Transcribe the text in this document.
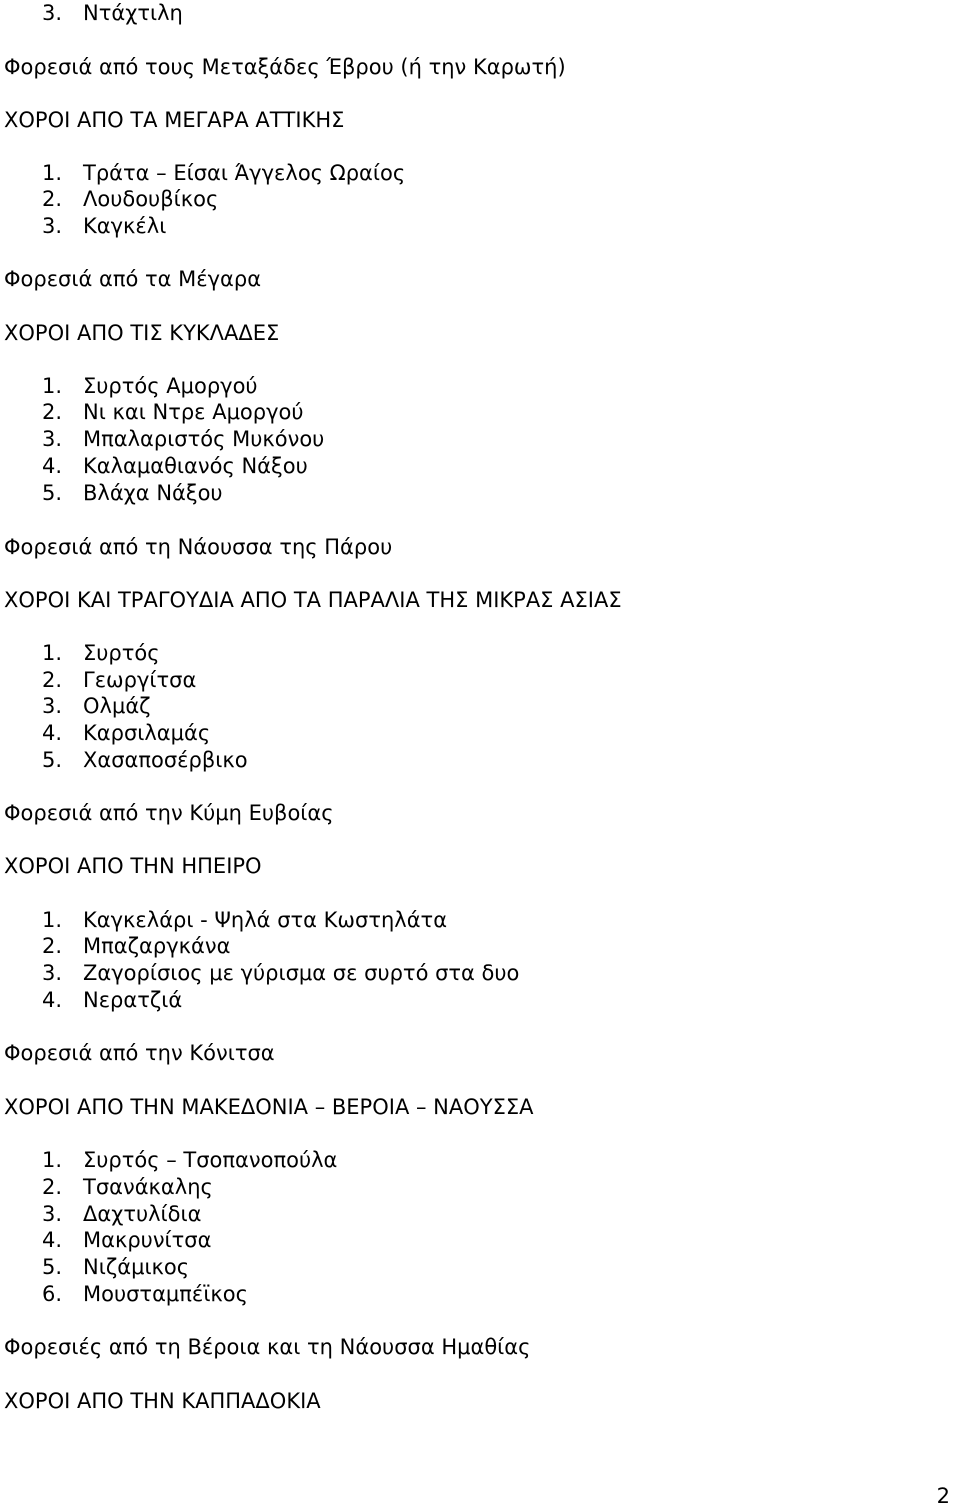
3. Ντάχτιλη
Φορεσιά από τους Μεταξάδες Έβρου (ή την Καρωτή)
ΧΟΡΟΙ ΑΠΟ ΤΑ ΜΕΓΑΡΑ ΑΤΤΙΚΗΣ
1. Τράτα – Είσαι Άγγελος Ωραίος
2. Λουδουβίκος
3. Καγκέλι
Φορεσιά από τα Μέγαρα
ΧΟΡΟΙ ΑΠΟ ΤΙΣ ΚΥΚΛΑΔΕΣ
1. Συρτός Αμοργού
2. Νι και Ντρε Αμοργού
3. Μπαλαριστός Μυκόνου
4. Καλαμαθιανός Νάξου
5. Βλάχα Νάξου
Φορεσιά από τη Νάουσσα της Πάρου
ΧΟΡΟΙ ΚΑΙ ΤΡΑΓΟΥΔΙΑ ΑΠΟ ΤΑ ΠΑΡΑΛΙΑ ΤΗΣ ΜΙΚΡΑΣ ΑΣΙΑΣ
1. Συρτός
2. Γεωργίτσα
3. Ολμάζ
4. Καρσιλαμάς
5. Χασαποσέρβικο
Φορεσιά από την Κύμη Ευβοίας
ΧΟΡΟΙ ΑΠΟ ΤΗΝ ΗΠΕΙΡΟ
1. Καγκελάρι - Ψηλά στα Κωστηλάτα
2. Μπαζαργκάνα
3. Ζαγορίσιος με γύρισμα σε συρτό στα δυο
4. Νερατζιά
Φορεσιά από την Κόνιτσα
ΧΟΡΟΙ ΑΠΟ ΤΗΝ ΜΑΚΕΔΟΝΙΑ – ΒΕΡΟΙΑ – ΝΑΟΥΣΣΑ
1. Συρτός – Τσοπανοπούλα
2. Τσανάκαλης
3. Δαχτυλίδια
4. Μακρυνίτσα
5. Νιζάμικος
6. Μουσταμπέϊκος
Φορεσιές από τη Βέροια και τη Νάουσσα Ημαθίας
ΧΟΡΟΙ ΑΠΟ ΤΗΝ ΚΑΠΠΑΔΟΚΙΑ
2
